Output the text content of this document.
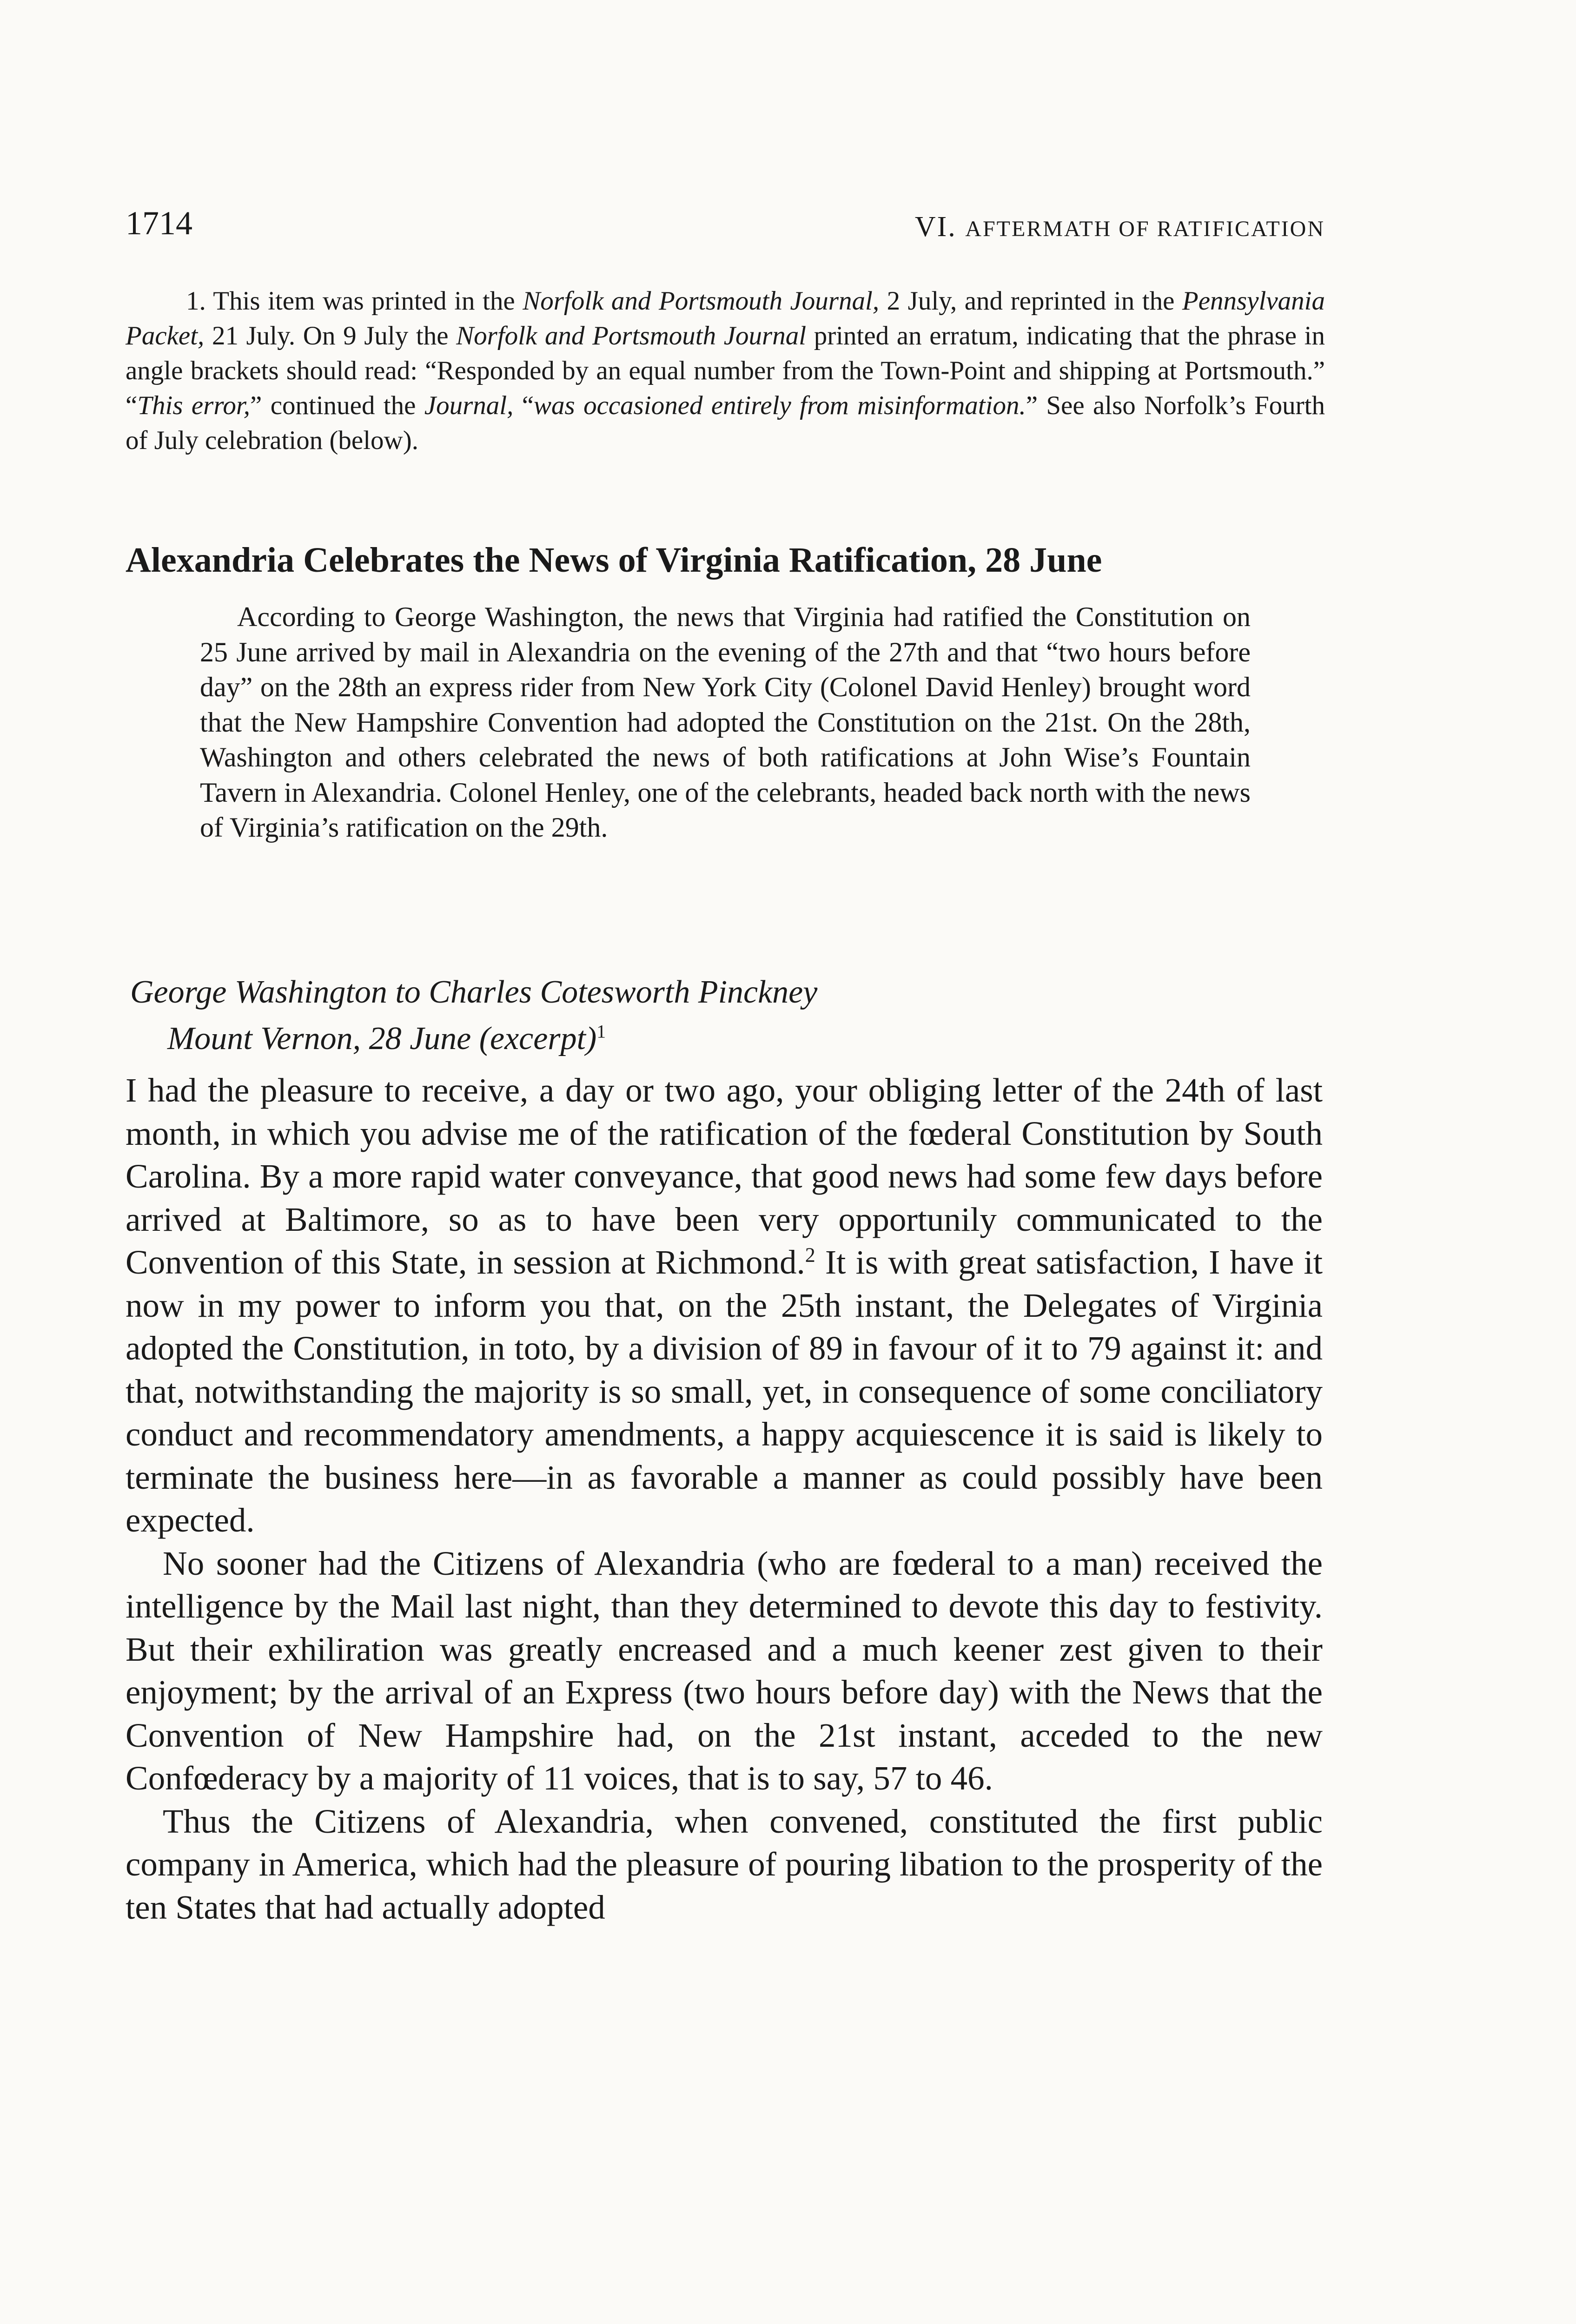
1714	VI. AFTERMATH OF RATIFICATION
1. This item was printed in the Norfolk and Portsmouth Journal, 2 July, and reprinted in the Pennsylvania Packet, 21 July. On 9 July the Norfolk and Portsmouth Journal printed an erratum, indicating that the phrase in angle brackets should read: “Responded by an equal number from the Town-Point and shipping at Portsmouth.” “This error,” continued the Journal, “was occasioned entirely from misinformation.” See also Norfolk’s Fourth of July celebration (below).
Alexandria Celebrates the News of Virginia Ratification, 28 June
According to George Washington, the news that Virginia had ratified the Constitution on 25 June arrived by mail in Alexandria on the evening of the 27th and that “two hours before day” on the 28th an express rider from New York City (Colonel David Henley) brought word that the New Hampshire Convention had adopted the Constitution on the 21st. On the 28th, Washington and others celebrated the news of both ratifications at John Wise’s Fountain Tavern in Alexandria. Colonel Henley, one of the celebrants, headed back north with the news of Virginia’s ratification on the 29th.
George Washington to Charles Cotesworth Pinckney
Mount Vernon, 28 June (excerpt)$^1$

I had the pleasure to receive, a day or two ago, your obliging letter of the 24th of last month, in which you advise me of the ratification of the fœderal Constitution by South Carolina. By a more rapid water conveyance, that good news had some few days before arrived at Baltimore, so as to have been very opportunily communicated to the Convention of this State, in session at Richmond.$^2$ It is with great satisfaction, I have it now in my power to inform you that, on the 25th instant, the Delegates of Virginia adopted the Constitution, in toto, by a division of 89 in favour of it to 79 against it: and that, notwithstanding the majority is so small, yet, in consequence of some conciliatory conduct and recommendatory amendments, a happy acquiescence it is said is likely to terminate the business here—in as favorable a manner as could possibly have been expected.

No sooner had the Citizens of Alexandria (who are fœderal to a man) received the intelligence by the Mail last night, than they determined to devote this day to festivity. But their exhiliration was greatly encreased and a much keener zest given to their enjoyment; by the arrival of an Express (two hours before day) with the News that the Convention of New Hampshire had, on the 21st instant, acceded to the new Confœderacy by a majority of 11 voices, that is to say, 57 to 46.

Thus the Citizens of Alexandria, when convened, constituted the first public company in America, which had the pleasure of pouring libation to the prosperity of the ten States that had actually adopted
